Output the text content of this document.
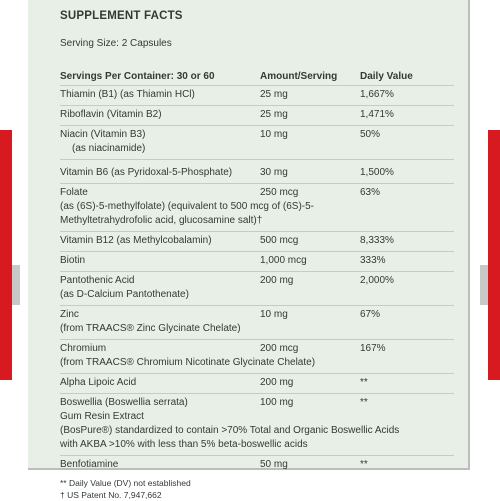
SUPPLEMENT FACTS
Serving Size: 2 Capsules
Servings Per Container: 30 or 60	Amount/Serving	Daily Value
Thiamin (B1) (as Thiamin HCl)	25 mg	1,667%
Riboflavin (Vitamin B2)	25 mg	1,471%
Niacin (Vitamin B3)	10 mg	50%
(as niacinamide)
Vitamin B6 (as Pyridoxal-5-Phosphate)	30 mg	1,500%
Folate	250 mcg	63%
(as (6S)-5-methylfolate) (equivalent to 500 mcg of (6S)-5-
Methyltetrahydrofolic acid, glucosamine salt)†
Vitamin B12 (as Methylcobalamin)	500 mcg	8,333%
Biotin	1,000 mcg	333%
Pantothenic Acid	200 mg	2,000%
(as D-Calcium Pantothenate)
Zinc	10 mg	67%
(from TRAACS® Zinc Glycinate Chelate)
Chromium	200 mcg	167%
(from TRAACS® Chromium Nicotinate Glycinate Chelate)
Alpha Lipoic Acid	200 mg	**
Boswellia (Boswellia serrata)	100 mg	**
Gum Resin Extract
(BosPure®) standardized to contain >70% Total and Organic Boswellic Acids
with AKBA >10% with less than 5% beta-boswellic acids
Benfotiamine	50 mg	**
** Daily Value (DV) not established
† US Patent No. 7,947,662
